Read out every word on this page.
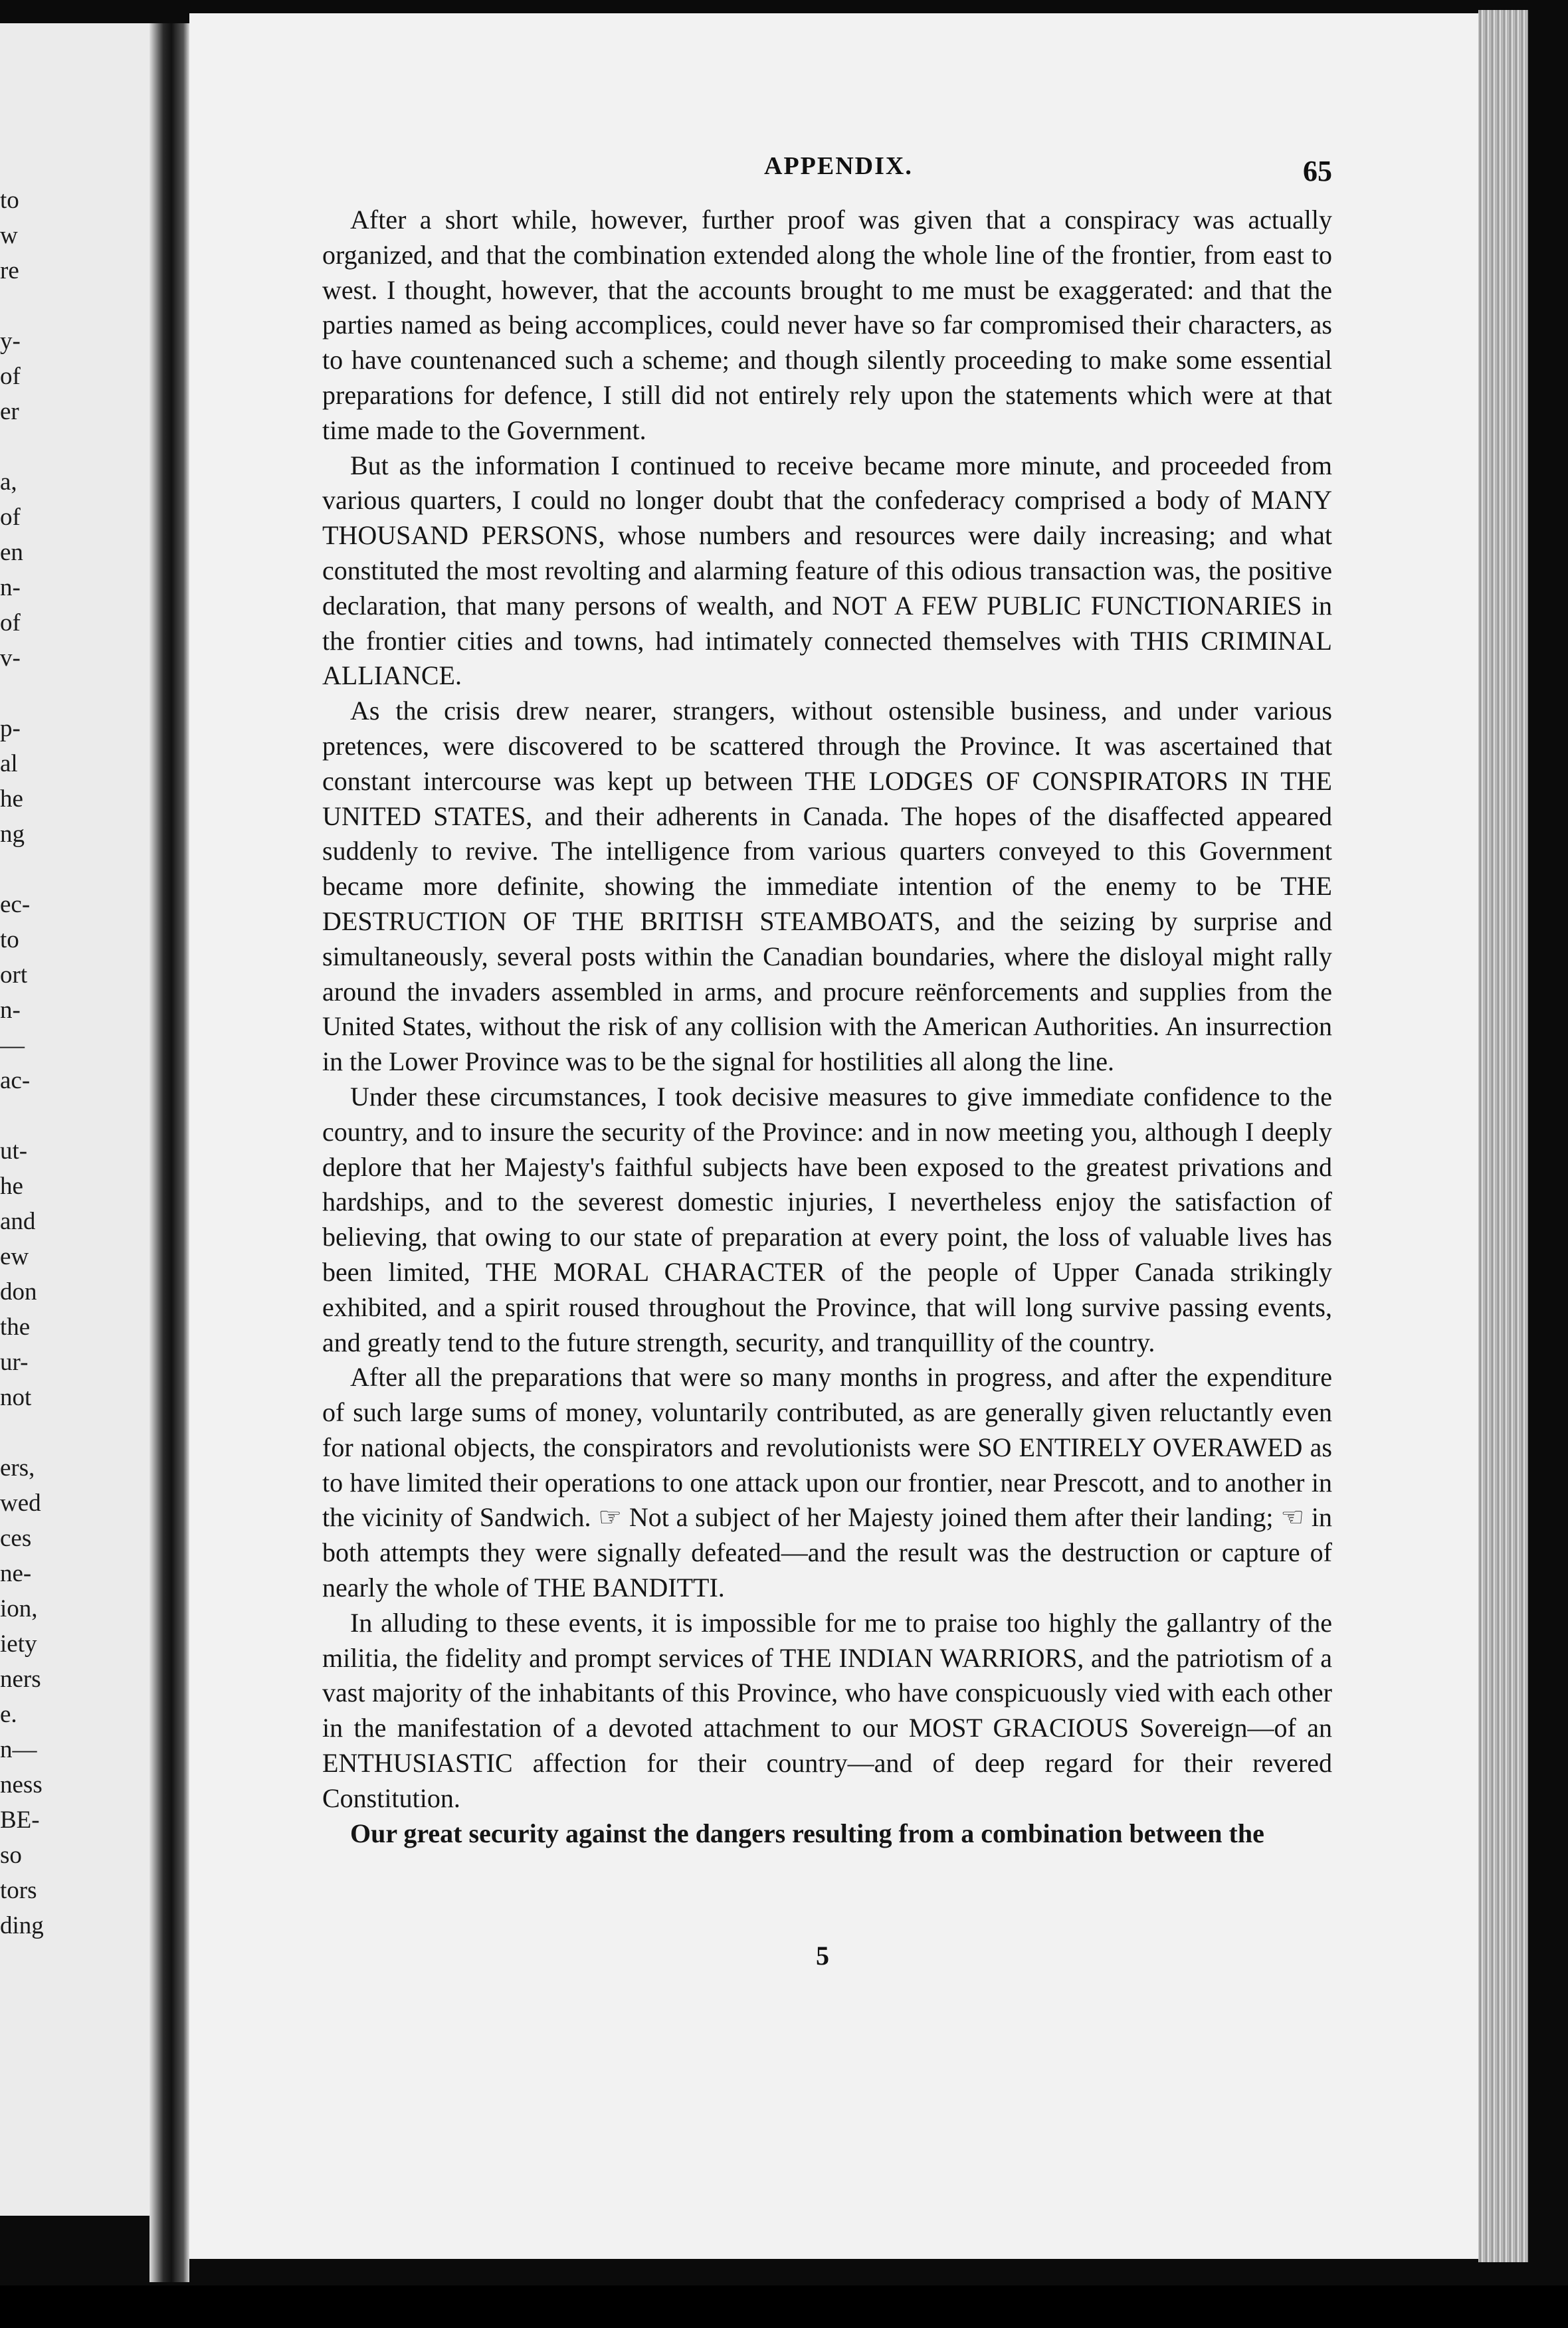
to
w
re
y-
of
er
a,
of
en
n-
of
v-
p-
al
he
ng
ec-
to
ort
n-
—
ac-
ut-
he
and
ew
don
the
ur-
not
ers,
wed
ces
ne-
ion,
iety
ners
e.
n—
ness
BE-
so
tors
ding
APPENDIX.	65

After a short while, however, further proof was given that a conspiracy was actually organized, and that the combination extended along the whole line of the frontier, from east to west. I thought, however, that the accounts brought to me must be exaggerated: and that the parties named as being accomplices, could never have so far compromised their characters, as to have countenanced such a scheme; and though silently proceeding to make some essential preparations for defence, I still did not entirely rely upon the statements which were at that time made to the Government.

But as the information I continued to receive became more minute, and proceeded from various quarters, I could no longer doubt that the confederacy comprised a body of MANY THOUSAND PERSONS, whose numbers and resources were daily increasing; and what constituted the most revolting and alarming feature of this odious transaction was, the positive declaration, that many persons of wealth, and NOT A FEW PUBLIC FUNCTIONARIES in the frontier cities and towns, had intimately connected themselves with THIS CRIMINAL ALLIANCE.

As the crisis drew nearer, strangers, without ostensible business, and under various pretences, were discovered to be scattered through the Province. It was ascertained that constant intercourse was kept up between THE LODGES OF CONSPIRATORS IN THE UNITED STATES, and their adherents in Canada. The hopes of the disaffected appeared suddenly to revive. The intelligence from various quarters conveyed to this Government became more definite, showing the immediate intention of the enemy to be THE DESTRUCTION OF THE BRITISH STEAMBOATS, and the seizing by surprise and simultaneously, several posts within the Canadian boundaries, where the disloyal might rally around the invaders assembled in arms, and procure reënforcements and supplies from the United States, without the risk of any collision with the American Authorities. An insurrection in the Lower Province was to be the signal for hostilities all along the line.

Under these circumstances, I took decisive measures to give immediate confidence to the country, and to insure the security of the Province: and in now meeting you, although I deeply deplore that her Majesty's faithful subjects have been exposed to the greatest privations and hardships, and to the severest domestic injuries, I nevertheless enjoy the satisfaction of believing, that owing to our state of preparation at every point, the loss of valuable lives has been limited, THE MORAL CHARACTER of the people of Upper Canada strikingly exhibited, and a spirit roused throughout the Province, that will long survive passing events, and greatly tend to the future strength, security, and tranquillity of the country.

After all the preparations that were so many months in progress, and after the expenditure of such large sums of money, voluntarily contributed, as are generally given reluctantly even for national objects, the conspirators and revolutionists were SO ENTIRELY OVERAWED as to have limited their operations to one attack upon our frontier, near Prescott, and to another in the vicinity of Sandwich. ☞ Not a subject of her Majesty joined them after their landing; ☜ in both attempts they were signally defeated—and the result was the destruction or capture of nearly the whole of THE BANDITTI.

In alluding to these events, it is impossible for me to praise too highly the gallantry of the militia, the fidelity and prompt services of THE INDIAN WARRIORS, and the patriotism of a vast majority of the inhabitants of this Province, who have conspicuously vied with each other in the manifestation of a devoted attachment to our MOST GRACIOUS Sovereign—of an ENTHUSIASTIC affection for their country—and of deep regard for their revered Constitution.

Our great security against the dangers resulting from a combination between the

5
